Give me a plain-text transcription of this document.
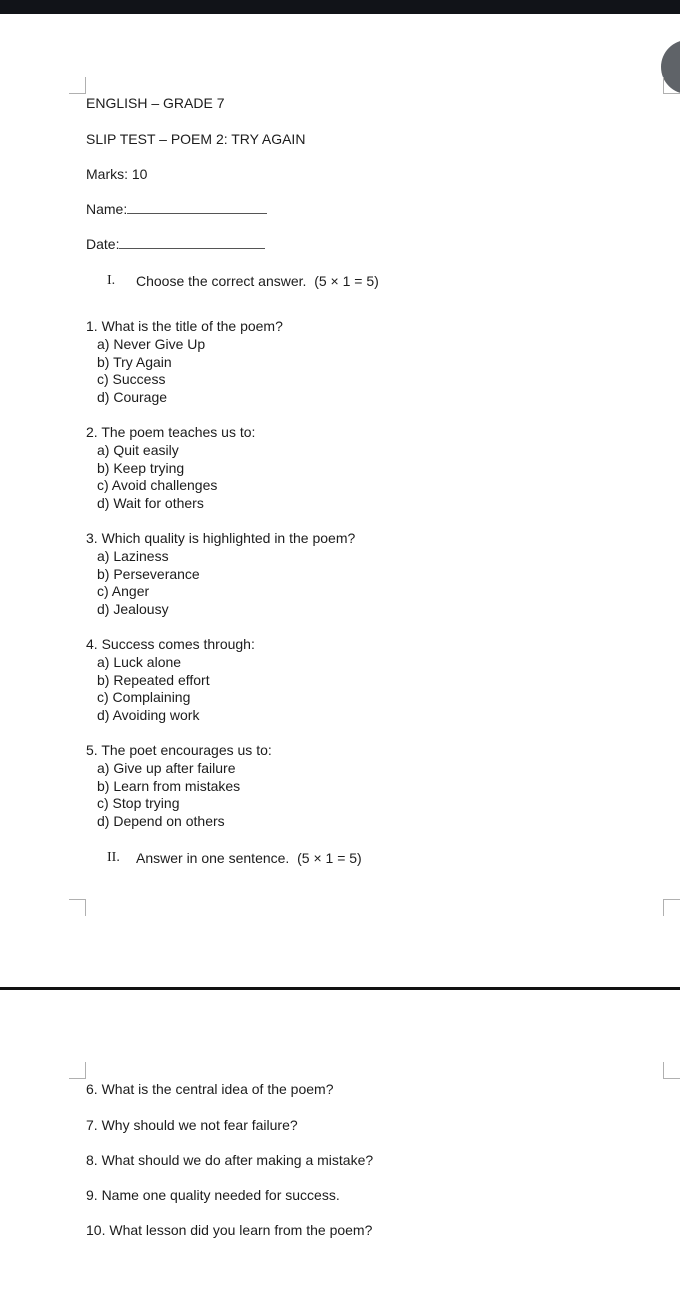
ENGLISH – GRADE 7
SLIP TEST – POEM 2: TRY AGAIN
Marks: 10
Name:
Date:
I. Choose the correct answer. (5 × 1 = 5)
1. What is the title of the poem?
a) Never Give Up
b) Try Again
c) Success
d) Courage
2. The poem teaches us to:
a) Quit easily
b) Keep trying
c) Avoid challenges
d) Wait for others
3. Which quality is highlighted in the poem?
a) Laziness
b) Perseverance
c) Anger
d) Jealousy
4. Success comes through:
a) Luck alone
b) Repeated effort
c) Complaining
d) Avoiding work
5. The poet encourages us to:
a) Give up after failure
b) Learn from mistakes
c) Stop trying
d) Depend on others
II. Answer in one sentence. (5 × 1 = 5)
6. What is the central idea of the poem?
7. Why should we not fear failure?
8. What should we do after making a mistake?
9. Name one quality needed for success.
10. What lesson did you learn from the poem?
